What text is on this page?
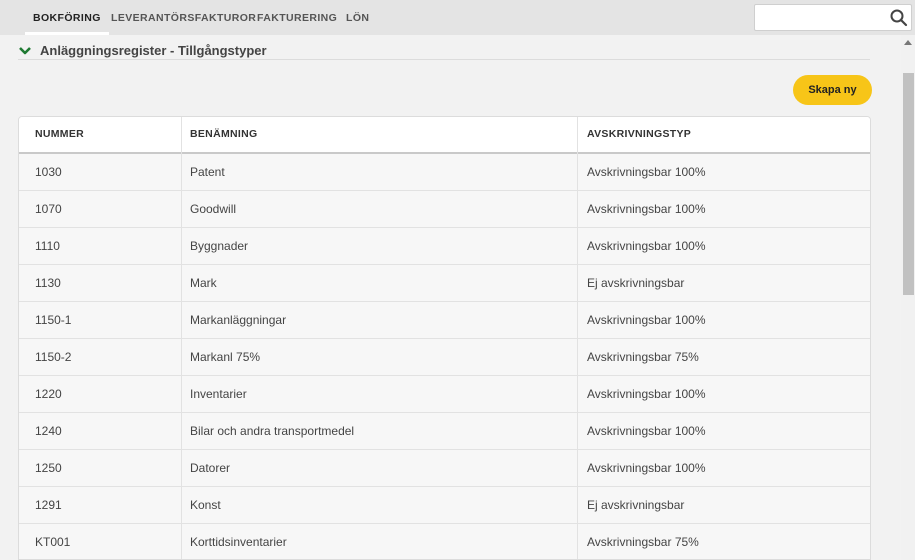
BOKFÖRING LEVERANTÖRSFAKTUROR FAKTURERING LÖN
Anläggningsregister - Tillgångstyper
Skapa ny
NUMMER	BENÄMNING	AVSKRIVNINGSTYP
1030	Patent	Avskrivningsbar 100%
1070	Goodwill	Avskrivningsbar 100%
1110	Byggnader	Avskrivningsbar 100%
1130	Mark	Ej avskrivningsbar
1150-1	Markanläggningar	Avskrivningsbar 100%
1150-2	Markanl 75%	Avskrivningsbar 75%
1220	Inventarier	Avskrivningsbar 100%
1240	Bilar och andra transportmedel	Avskrivningsbar 100%
1250	Datorer	Avskrivningsbar 100%
1291	Konst	Ej avskrivningsbar
KT001	Korttidsinventarier	Avskrivningsbar 75%
